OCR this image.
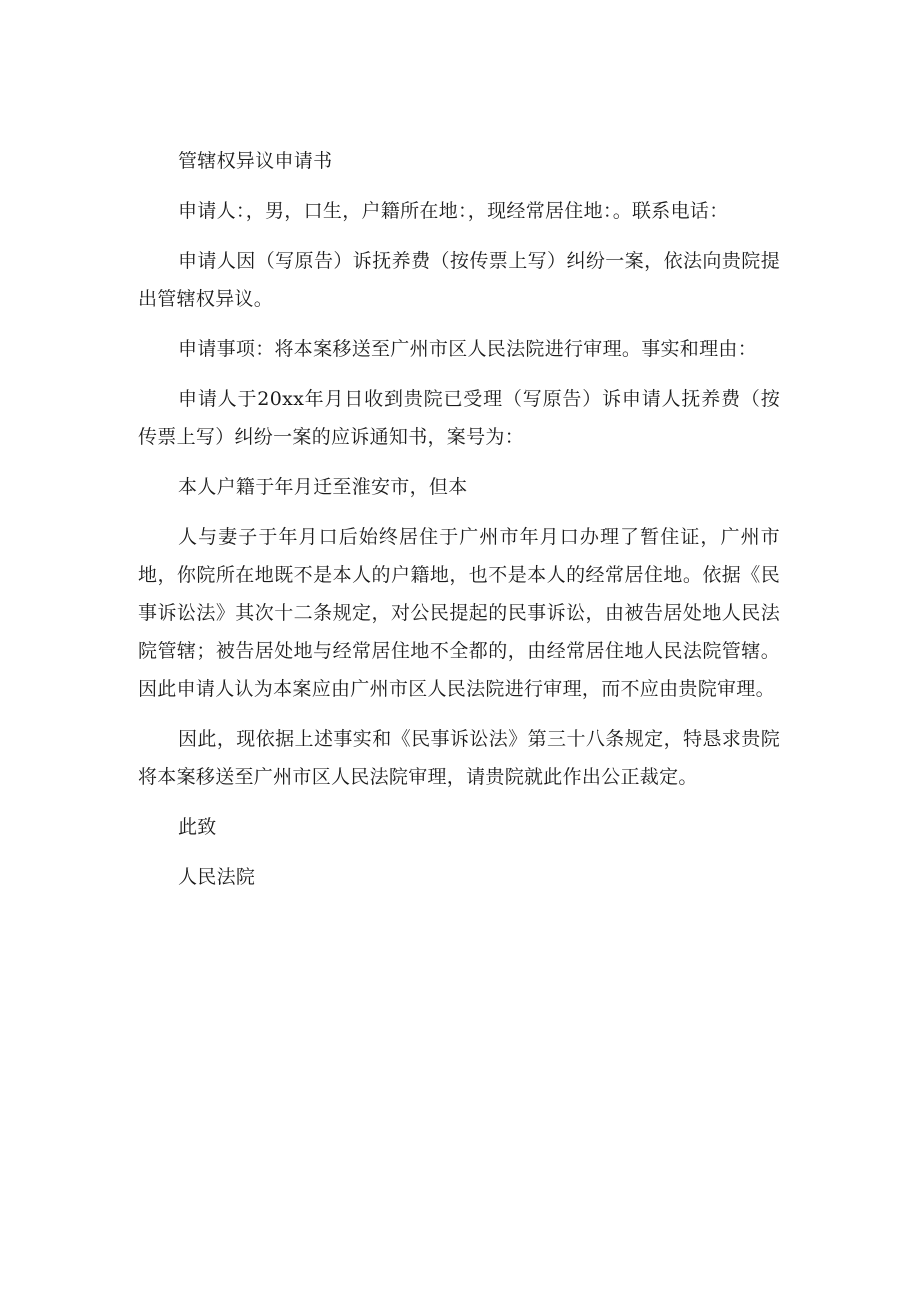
管辖权异议申请书

申请人：，男，口生，户籍所在地：，现经常居住地：。联系电话：

申请人因（写原告）诉抚养费（按传票上写）纠纷一案，依法向贵院提出管辖权异议。

申请事项：将本案移送至广州市区人民法院进行审理。事实和理由：

申请人于20xx年月日收到贵院已受理（写原告）诉申请人抚养费（按传票上写）纠纷一案的应诉通知书，案号为：

本人户籍于年月迁至淮安市，但本

人与妻子于年月口后始终居住于广州市年月口办理了暂住证，广州市地，你院所在地既不是本人的户籍地，也不是本人的经常居住地。依据《民事诉讼法》其次十二条规定，对公民提起的民事诉讼，由被告居处地人民法院管辖；被告居处地与经常居住地不全都的，由经常居住地人民法院管辖。因此申请人认为本案应由广州市区人民法院进行审理，而不应由贵院审理。

因此，现依据上述事实和《民事诉讼法》第三十八条规定，特恳求贵院将本案移送至广州市区人民法院审理，请贵院就此作出公正裁定。

此致

人民法院
